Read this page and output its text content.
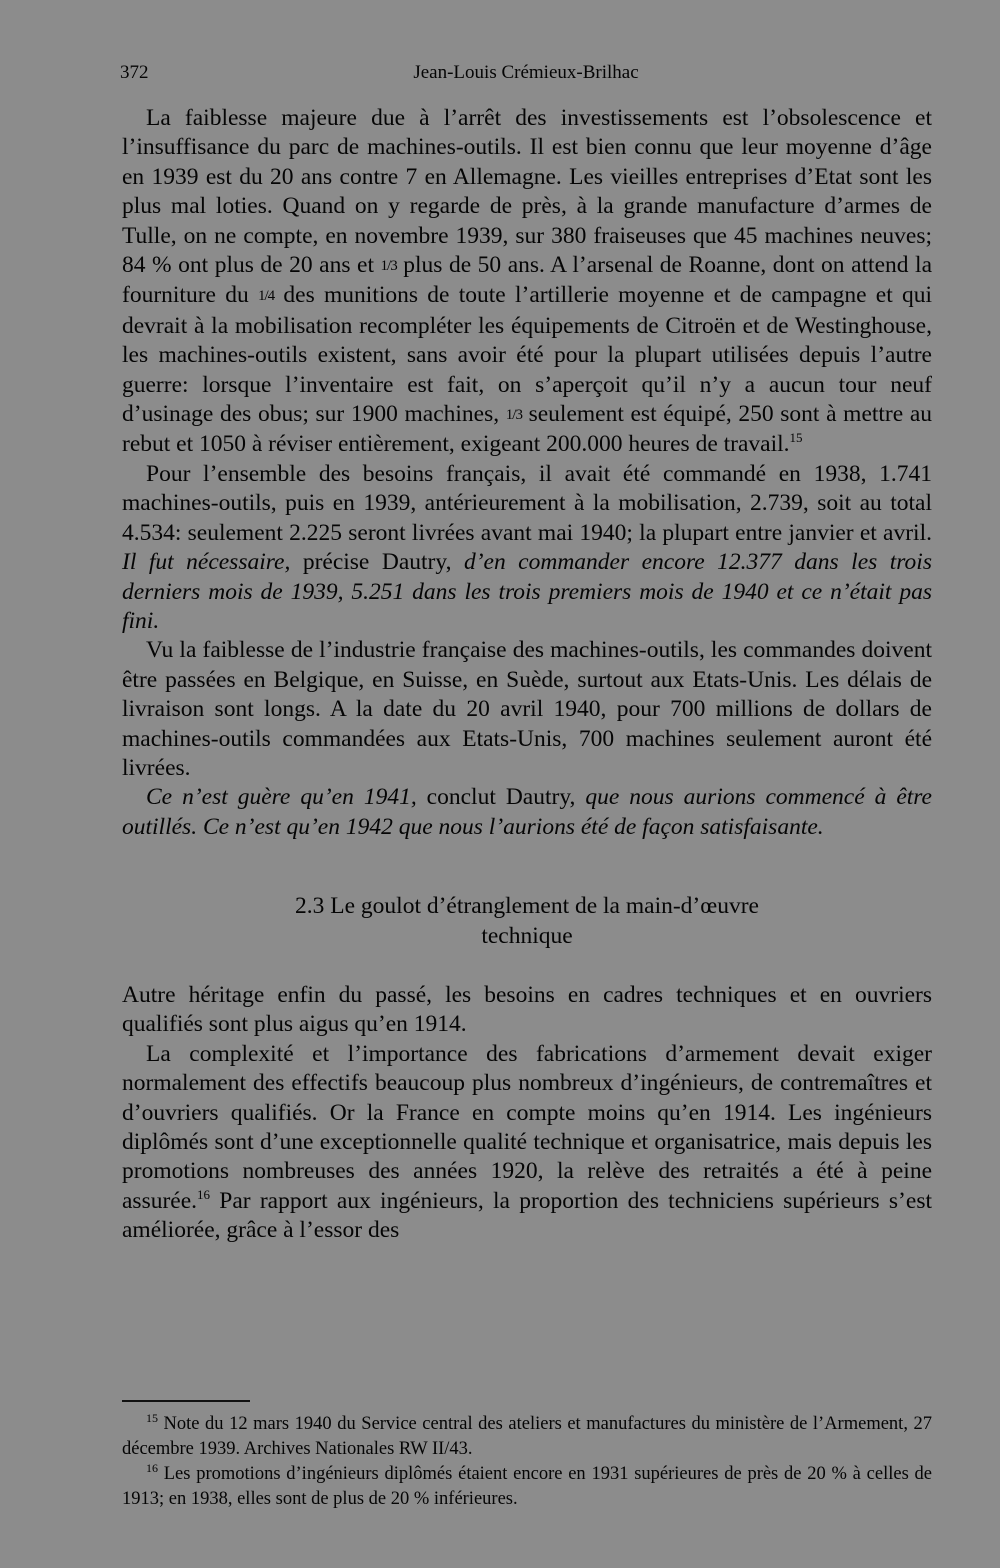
372	Jean-Louis Crémieux-Brilhac

La faiblesse majeure due à l’arrêt des investissements est l’obsolescence et l’insuffisance du parc de machines-outils. Il est bien connu que leur moyenne d’âge en 1939 est du 20 ans contre 7 en Allemagne. Les vieilles entreprises d’Etat sont les plus mal loties. Quand on y regarde de près, à la grande manufacture d’armes de Tulle, on ne compte, en novembre 1939, sur 380 fraiseuses que 45 machines neuves; 84 % ont plus de 20 ans et 1/3 plus de 50 ans. A l’arsenal de Roanne, dont on attend la fourniture du 1/4 des munitions de toute l’artillerie moyenne et de campagne et qui devrait à la mobilisation recompléter les équipements de Citroën et de Westinghouse, les machines-outils existent, sans avoir été pour la plupart utilisées depuis l’autre guerre: lorsque l’inventaire est fait, on s’aperçoit qu’il n’y a aucun tour neuf d’usinage des obus; sur 1900 machines, 1/3 seulement est équipé, 250 sont à mettre au rebut et 1050 à réviser entièrement, exigeant 200.000 heures de travail.$^{15}$

Pour l’ensemble des besoins français, il avait été commandé en 1938, 1.741 machines-outils, puis en 1939, antérieurement à la mobilisation, 2.739, soit au total 4.534: seulement 2.225 seront livrées avant mai 1940; la plupart entre janvier et avril. Il fut nécessaire, précise Dautry, d’en commander encore 12.377 dans les trois derniers mois de 1939, 5.251 dans les trois premiers mois de 1940 et ce n’était pas fini.

Vu la faiblesse de l’industrie française des machines-outils, les commandes doivent être passées en Belgique, en Suisse, en Suède, surtout aux Etats-Unis. Les délais de livraison sont longs. A la date du 20 avril 1940, pour 700 millions de dollars de machines-outils commandées aux Etats-Unis, 700 machines seulement auront été livrées.

Ce n’est guère qu’en 1941, conclut Dautry, que nous aurions commencé à être outillés. Ce n’est qu’en 1942 que nous l’aurions été de façon satisfaisante.

2.3 Le goulot d’étranglement de la main-d’œuvre
technique

Autre héritage enfin du passé, les besoins en cadres techniques et en ouvriers qualifiés sont plus aigus qu’en 1914.

La complexité et l’importance des fabrications d’armement devait exiger normalement des effectifs beaucoup plus nombreux d’ingénieurs, de contremaîtres et d’ouvriers qualifiés. Or la France en compte moins qu’en 1914. Les ingénieurs diplômés sont d’une exceptionnelle qualité technique et organisatrice, mais depuis les promotions nombreuses des années 1920, la relève des retraités a été à peine assurée.$^{16}$ Par rapport aux ingénieurs, la proportion des techniciens supérieurs s’est améliorée, grâce à l’essor des

$^{15}$ Note du 12 mars 1940 du Service central des ateliers et manufactures du ministère de l’Armement, 27 décembre 1939. Archives Nationales RW II/43.

$^{16}$ Les promotions d’ingénieurs diplômés étaient encore en 1931 supérieures de près de 20 % à celles de 1913; en 1938, elles sont de plus de 20 % inférieures.
